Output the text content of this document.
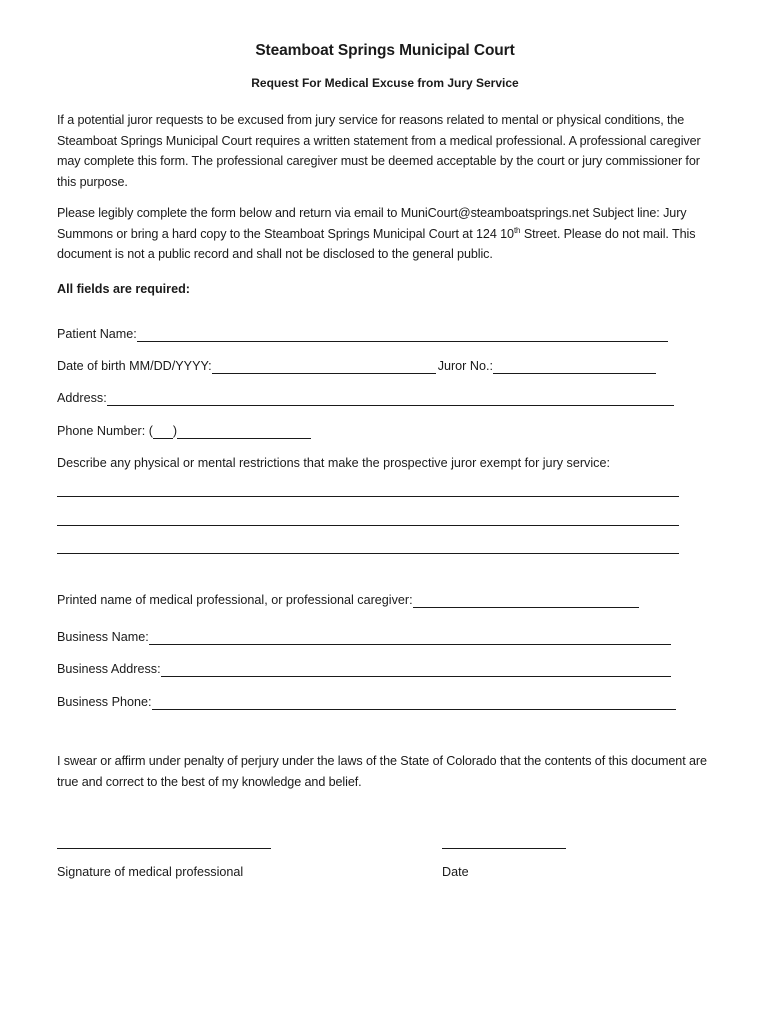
Steamboat Springs Municipal Court
Request For Medical Excuse from Jury Service
If a potential juror requests to be excused from jury service for reasons related to mental or physical conditions, the Steamboat Springs Municipal Court requires a written statement from a medical professional. A professional caregiver may complete this form. The professional caregiver must be deemed acceptable by the court or jury commissioner for this purpose.
Please legibly complete the form below and return via email to MuniCourt@steamboatsprings.net Subject line: Jury Summons or bring a hard copy to the Steamboat Springs Municipal Court at 124 10th Street. Please do not mail. This document is not a public record and shall not be disclosed to the general public.
All fields are required:
Patient Name:
Date of birth MM/DD/YYYY:	Juror No.:
Address:
Phone Number: ( )
Describe any physical or mental restrictions that make the prospective juror exempt for jury service:
Printed name of medical professional, or professional caregiver:
Business Name:
Business Address:
Business Phone:
I swear or affirm under penalty of perjury under the laws of the State of Colorado that the contents of this document are true and correct to the best of my knowledge and belief.
Signature of medical professional	Date
